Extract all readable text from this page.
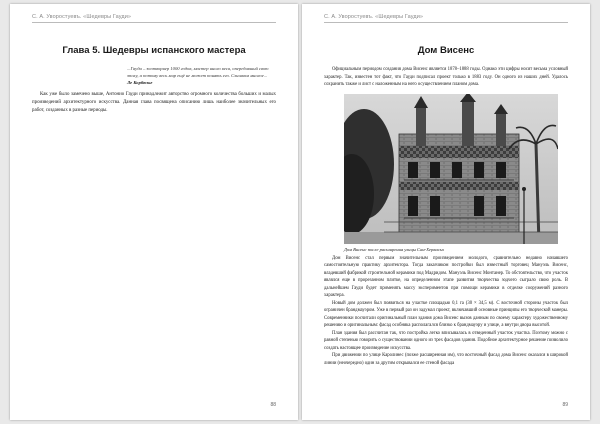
С. А. Уворостуевъ. «Шедевры Гауди»
Глава 5. Шедевры испанского мастера
...Гауди – зоотворнер 1000 годов, мастер иного веса, опередивший свою эпоху, а потому весь мир ещё не может понять его. Слишком многое...
Ле Корбюзье

Как уже было замечено выше, Антонио Гауди принадлежит авторство огромного количества больших и малых произведений архитектурного искусства. Данная глава посвящена описанию лишь наиболее значительных его работ, созданных в разные периоды.

88
С. А. Уворостуевъ. «Шедевры Гауди»
Дом Висенс

Официальным периодом создания дома Висенс является 1878–1888 годы. Однако эти цифры носят весьма условный характер. Так, известен тот факт, что Гауди подписал проект только в 1883 году. Он одного из наших дней. Удалось сохранить также и лист с наложенным на него осуществлением планом дома.

Дом Висенс после расширения улицы Сан-Херваcьо

Дом Висенс стал первым значительным произведением молодого, сравнительно недавно начавшего самостоятельную практику архитектора. Тогда заказчиком постройки был известный торговец Мануэль Висенс, владевший фабрикой строительной керамики под Мадридом. Мануэль Висенс Монтанер. То обстоятельство, что участок являлся еще в прорезанном плитке, на определенном этапе развития творчества зодчего сыграло свою роль. В дальнейшем Гауди будет применять массу экспериментов при помощи керамики в отделке сооружений разного характера.

Новый дом должен был появиться на участке площадью 0,1 га (30 × 34,5 м). С восточной стороны участок был ограничен брандмауэром. Уже в первый раз он задумал проект, включавший основные принципы его творческой манеры. Современники посчитали оригинальный план здания дома Висенс вызов данным по своему характеру художественному решению и оригинальным: фасад особняка располагался близко к брандмауэру и улице, а внутри двора высотой.

План здания был рассчитан так, что постройка легко вписывалась в отведенный участок участка. Поэтому можно с равной степенью говорить о существовании одного из трех фасадов здания. Подобное архитектурное решение позволило создать настоящее произведение искусства.

При движении по улице Каролинес (позже расширенная им), что восточный фасад дома Висенс оказался в широкой линии (неочередно) один за другим открывался ее стеной фасада

89
